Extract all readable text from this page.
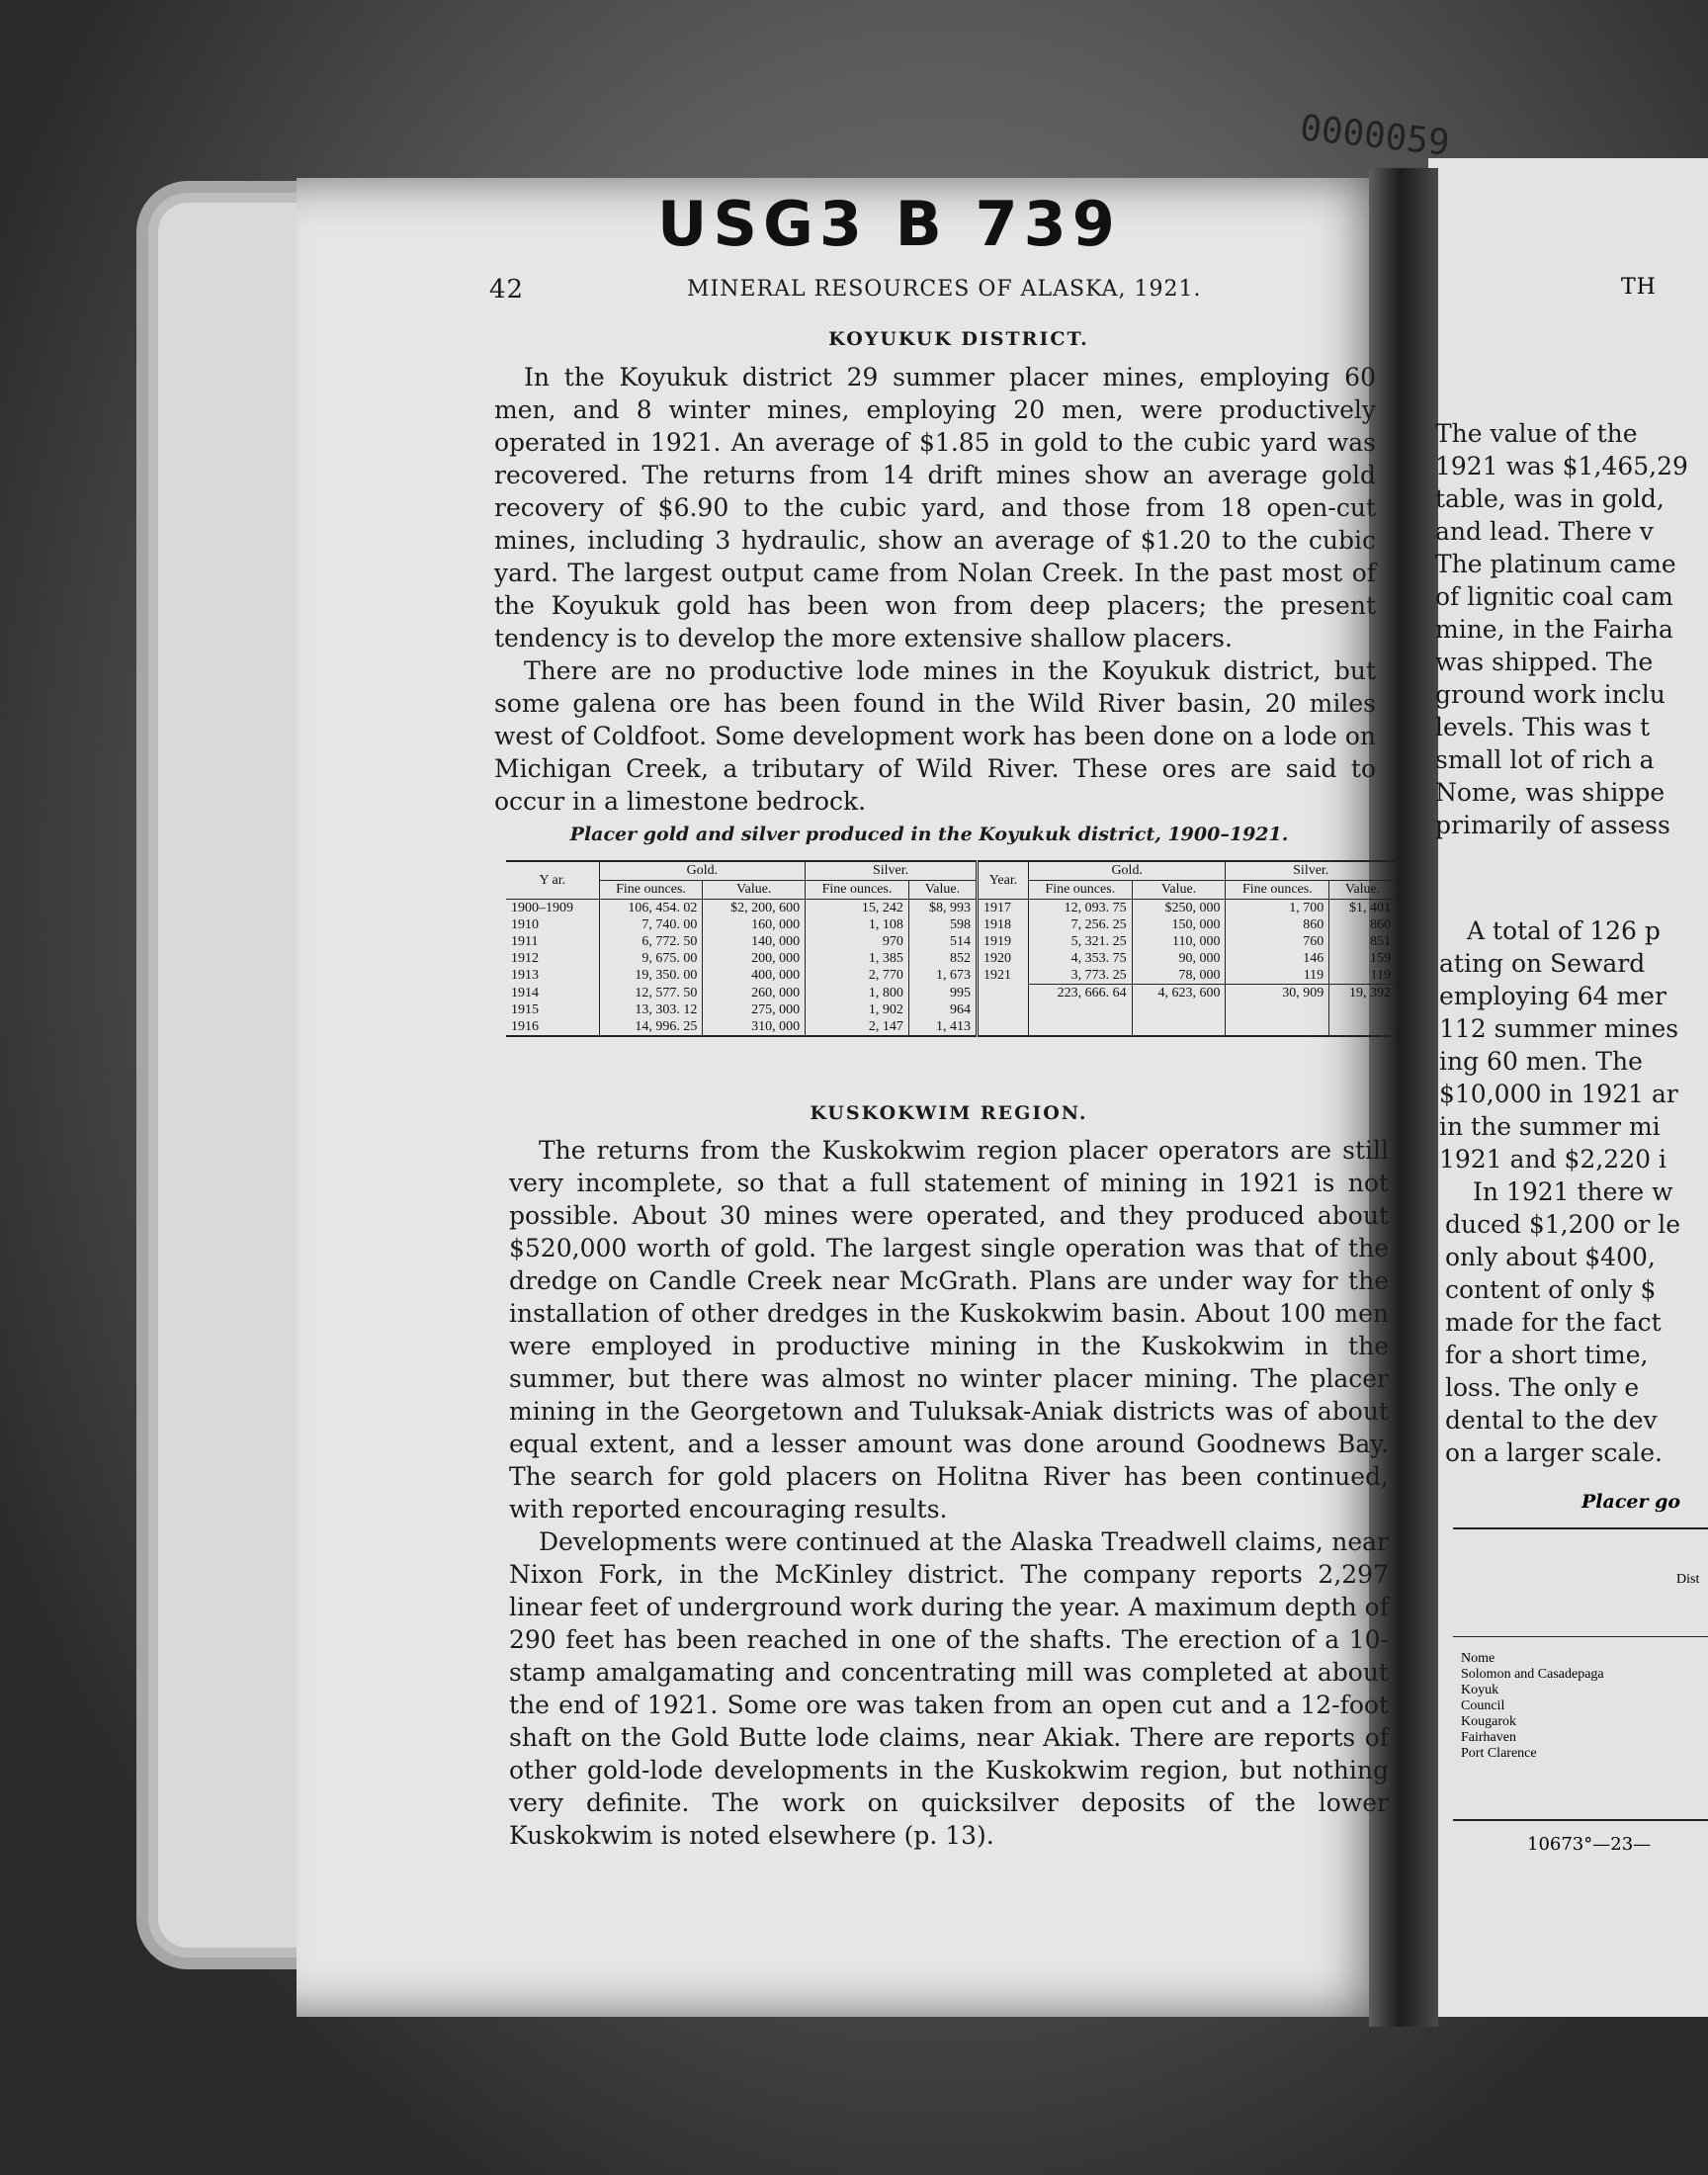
USG3 B 739
0000059
42	MINERAL RESOURCES OF ALASKA, 1921.
KOYUKUK DISTRICT.

In the Koyukuk district 29 summer placer mines, employing 60 men, and 8 winter mines, employing 20 men, were productively operated in 1921. An average of $1.85 in gold to the cubic yard was recovered. The returns from 14 drift mines show an average gold recovery of $6.90 to the cubic yard, and those from 18 open-cut mines, including 3 hydraulic, show an average of $1.20 to the cubic yard. The largest output came from Nolan Creek. In the past most of the Koyukuk gold has been won from deep placers; the present tendency is to develop the more extensive shallow placers.

There are no productive lode mines in the Koyukuk district, but some galena ore has been found in the Wild River basin, 20 miles west of Coldfoot. Some development work has been done on a lode on Michigan Creek, a tributary of Wild River. These ores are said to occur in a limestone bedrock.

Placer gold and silver produced in the Koyukuk district, 1900–1921.
Y ar.	Gold.		Silver.		Year.	Gold.		Silver.	
	Fine ounces.	Value.	Fine ounces.	Value.		Fine ounces.	Value.	Fine ounces.	Value.
1900–1909	106, 454. 02	$2, 200, 600	15, 242	$8, 993	1917	12, 093. 75	$250, 000	1, 700	$1, 401
1910	7, 740. 00	160, 000	1, 108	598	1918	7, 256. 25	150, 000	860	860
1911	6, 772. 50	140, 000	970	514	1919	5, 321. 25	110, 000	760	851
1912	9, 675. 00	200, 000	1, 385	852	1920	4, 353. 75	90, 000	146	159
1913	19, 350. 00	400, 000	2, 770	1, 673	1921	3, 773. 25	78, 000	119	119
1914	12, 577. 50	260, 000	1, 800	995		223, 666. 64	4, 623, 600	30, 909	19, 392
1915	13, 303. 12	275, 000	1, 902	964					
1916	14, 996. 25	310, 000	2, 147	1, 413					
KUSKOKWIM REGION.

The returns from the Kuskokwim region placer operators are still very incomplete, so that a full statement of mining in 1921 is not possible. About 30 mines were operated, and they produced about $520,000 worth of gold. The largest single operation was that of the dredge on Candle Creek near McGrath. Plans are under way for the installation of other dredges in the Kuskokwim basin. About 100 men were employed in productive mining in the Kuskokwim in the summer, but there was almost no winter placer mining. The placer mining in the Georgetown and Tuluksak-Aniak districts was of about equal extent, and a lesser amount was done around Goodnews Bay. The search for gold placers on Holitna River has been continued, with reported encouraging results.

Developments were continued at the Alaska Treadwell claims, near Nixon Fork, in the McKinley district. The company reports 2,297 linear feet of underground work during the year. A maximum depth of 290 feet has been reached in one of the shafts. The erection of a 10-stamp amalgamating and concentrating mill was completed at about the end of 1921. Some ore was taken from an open cut and a 12-foot shaft on the Gold Butte lode claims, near Akiak. There are reports of other gold-lode developments in the Kuskokwim region, but nothing very definite. The work on quicksilver deposits of the lower Kuskokwim is noted elsewhere (p. 13).

TH
The value of the
1921 was $1,465,29
table, was in gold,
and lead. There v
The platinum came
of lignitic coal cam
mine, in the Fairha
was shipped. The
ground work inclu
levels. This was t
small lot of rich a
Nome, was shippe
primarily of assess
A total of 126 p
ating on Seward
employing 64 mer
112 summer mines
ing 60 men. The
$10,000 in 1921 ar
in the summer mi
1921 and $2,220 i
In 1921 there w
duced $1,200 or le
only about $400,
content of only $
made for the fact
for a short time,
loss. The only e
dental to the dev
on a larger scale.
Placer go
Dist
Nome
Solomon and Casadepaga
Koyuk
Council
Kougarok
Fairhaven
Port Clarence
10673°—23—
